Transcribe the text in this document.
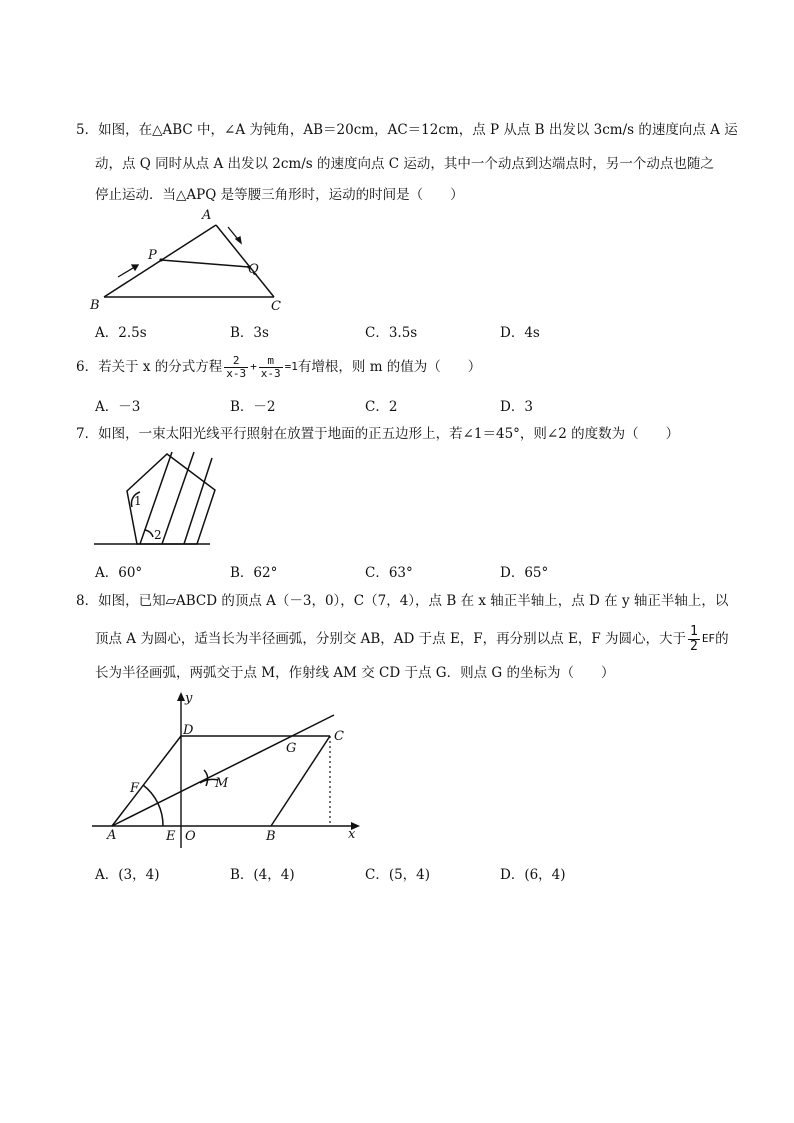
5．如图，在△ABC 中，∠A 为钝角，AB＝20cm，AC＝12cm，点 P 从点 B 出发以 3cm/s 的速度向点 A 运
动，点 Q 同时从点 A 出发以 2cm/s 的速度向点 C 运动，其中一个动点到达端点时，另一个动点也随之
停止运动．当△APQ 是等腰三角形时，运动的时间是（　　）
A
P
Q
B	C
A．2.5s	B．3s	C．3.5s	D．4s
6．若关于 x 的分式方程 $\frac{2}{x-3} + \frac{m}{x-3} =1$ 有增根，则 m 的值为（　　）
A．－3	B．－2	C．2	D．3
7．如图，一束太阳光线平行照射在放置于地面的正五边形上，若∠1＝45°，则∠2 的度数为（　　）
1
2
A．60°	B．62°	C．63°	D．65°
8．如图，已知▱ABCD 的顶点 A（－3，0），C（7，4），点 B 在 x 轴正半轴上，点 D 在 y 轴正半轴上，以
顶点 A 为圆心，适当长为半径画弧，分别交 AB，AD 于点 E，F，再分别以点 E，F 为圆心，大于 $\frac{1}{2}$ EF 的
长为半径画弧，两弧交于点 M，作射线 AM 交 CD 于点 G．则点 G 的坐标为（　　）
y
x
D	C
G
M
F
A	E O	B
A．(3，4)	B．(4，4)	C．(5，4)	D．(6，4)
